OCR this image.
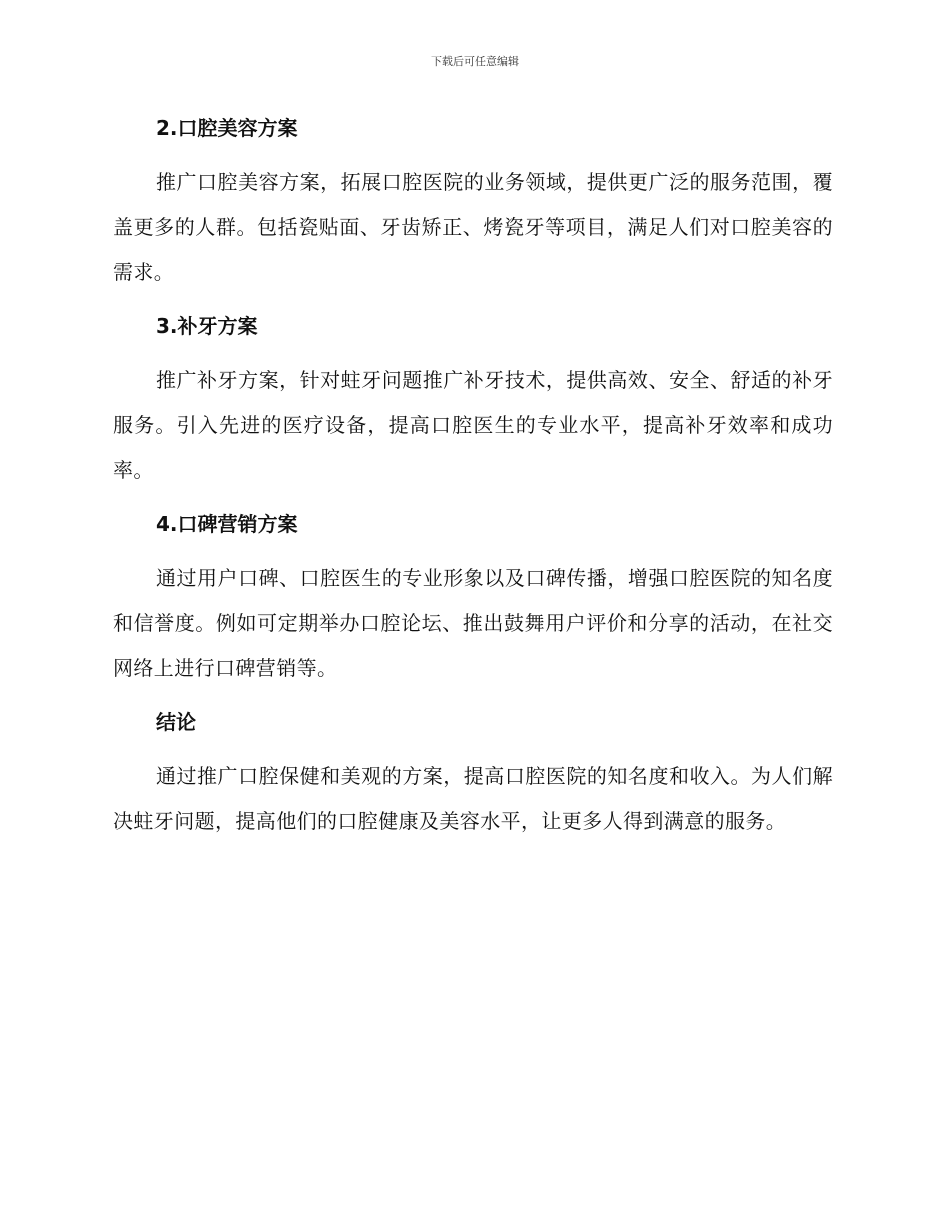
下载后可任意编辑
2.口腔美容方案

推广口腔美容方案，拓展口腔医院的业务领域，提供更广泛的服务范围，覆盖更多的人群。包括瓷贴面、牙齿矫正、烤瓷牙等项目，满足人们对口腔美容的需求。

3.补牙方案

推广补牙方案，针对蛀牙问题推广补牙技术，提供高效、安全、舒适的补牙服务。引入先进的医疗设备，提高口腔医生的专业水平，提高补牙效率和成功率。

4.口碑营销方案

通过用户口碑、口腔医生的专业形象以及口碑传播，增强口腔医院的知名度和信誉度。例如可定期举办口腔论坛、推出鼓舞用户评价和分享的活动，在社交网络上进行口碑营销等。

结论

通过推广口腔保健和美观的方案，提高口腔医院的知名度和收入。为人们解决蛀牙问题，提高他们的口腔健康及美容水平，让更多人得到满意的服务。
